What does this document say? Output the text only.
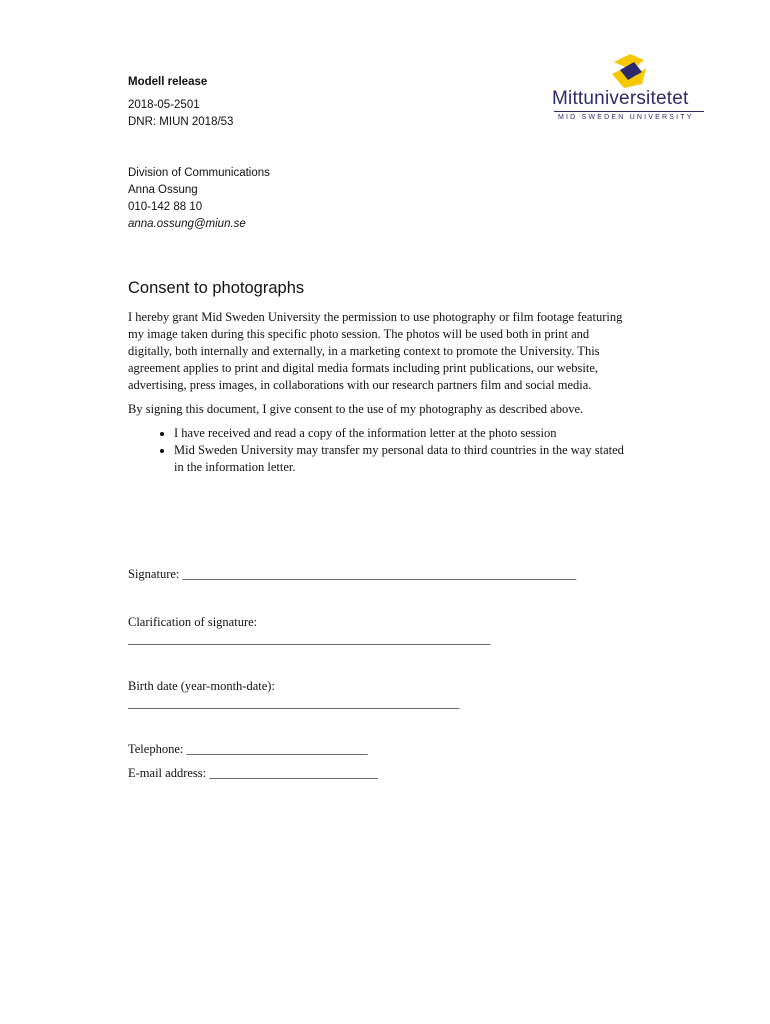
Modell release
2018-05-2501
DNR: MIUN 2018/53
Mittuniversitetet
MID SWEDEN UNIVERSITY
Division of Communications
Anna Ossung
010-142 88 10
anna.ossung@miun.se
Consent to photographs

I hereby grant Mid Sweden University the permission to use photography or film footage featuring my image taken during this specific photo session. The photos will be used both in print and digitally, both internally and externally, in a marketing context to promote the University. This agreement applies to print and digital media formats including print publications, our website, advertising, press images, in collaborations with our research partners film and social media.

By signing this document, I give consent to the use of my photography as described above.

• I have received and read a copy of the information letter at the photo session
• Mid Sweden University may transfer my personal data to third countries in the way stated in the information letter.
Signature: _______________________________________________________________
Clarification of signature:
__________________________________________________________
Birth date (year-month-date):
_____________________________________________________
Telephone: _____________________________
E-mail address: ___________________________
